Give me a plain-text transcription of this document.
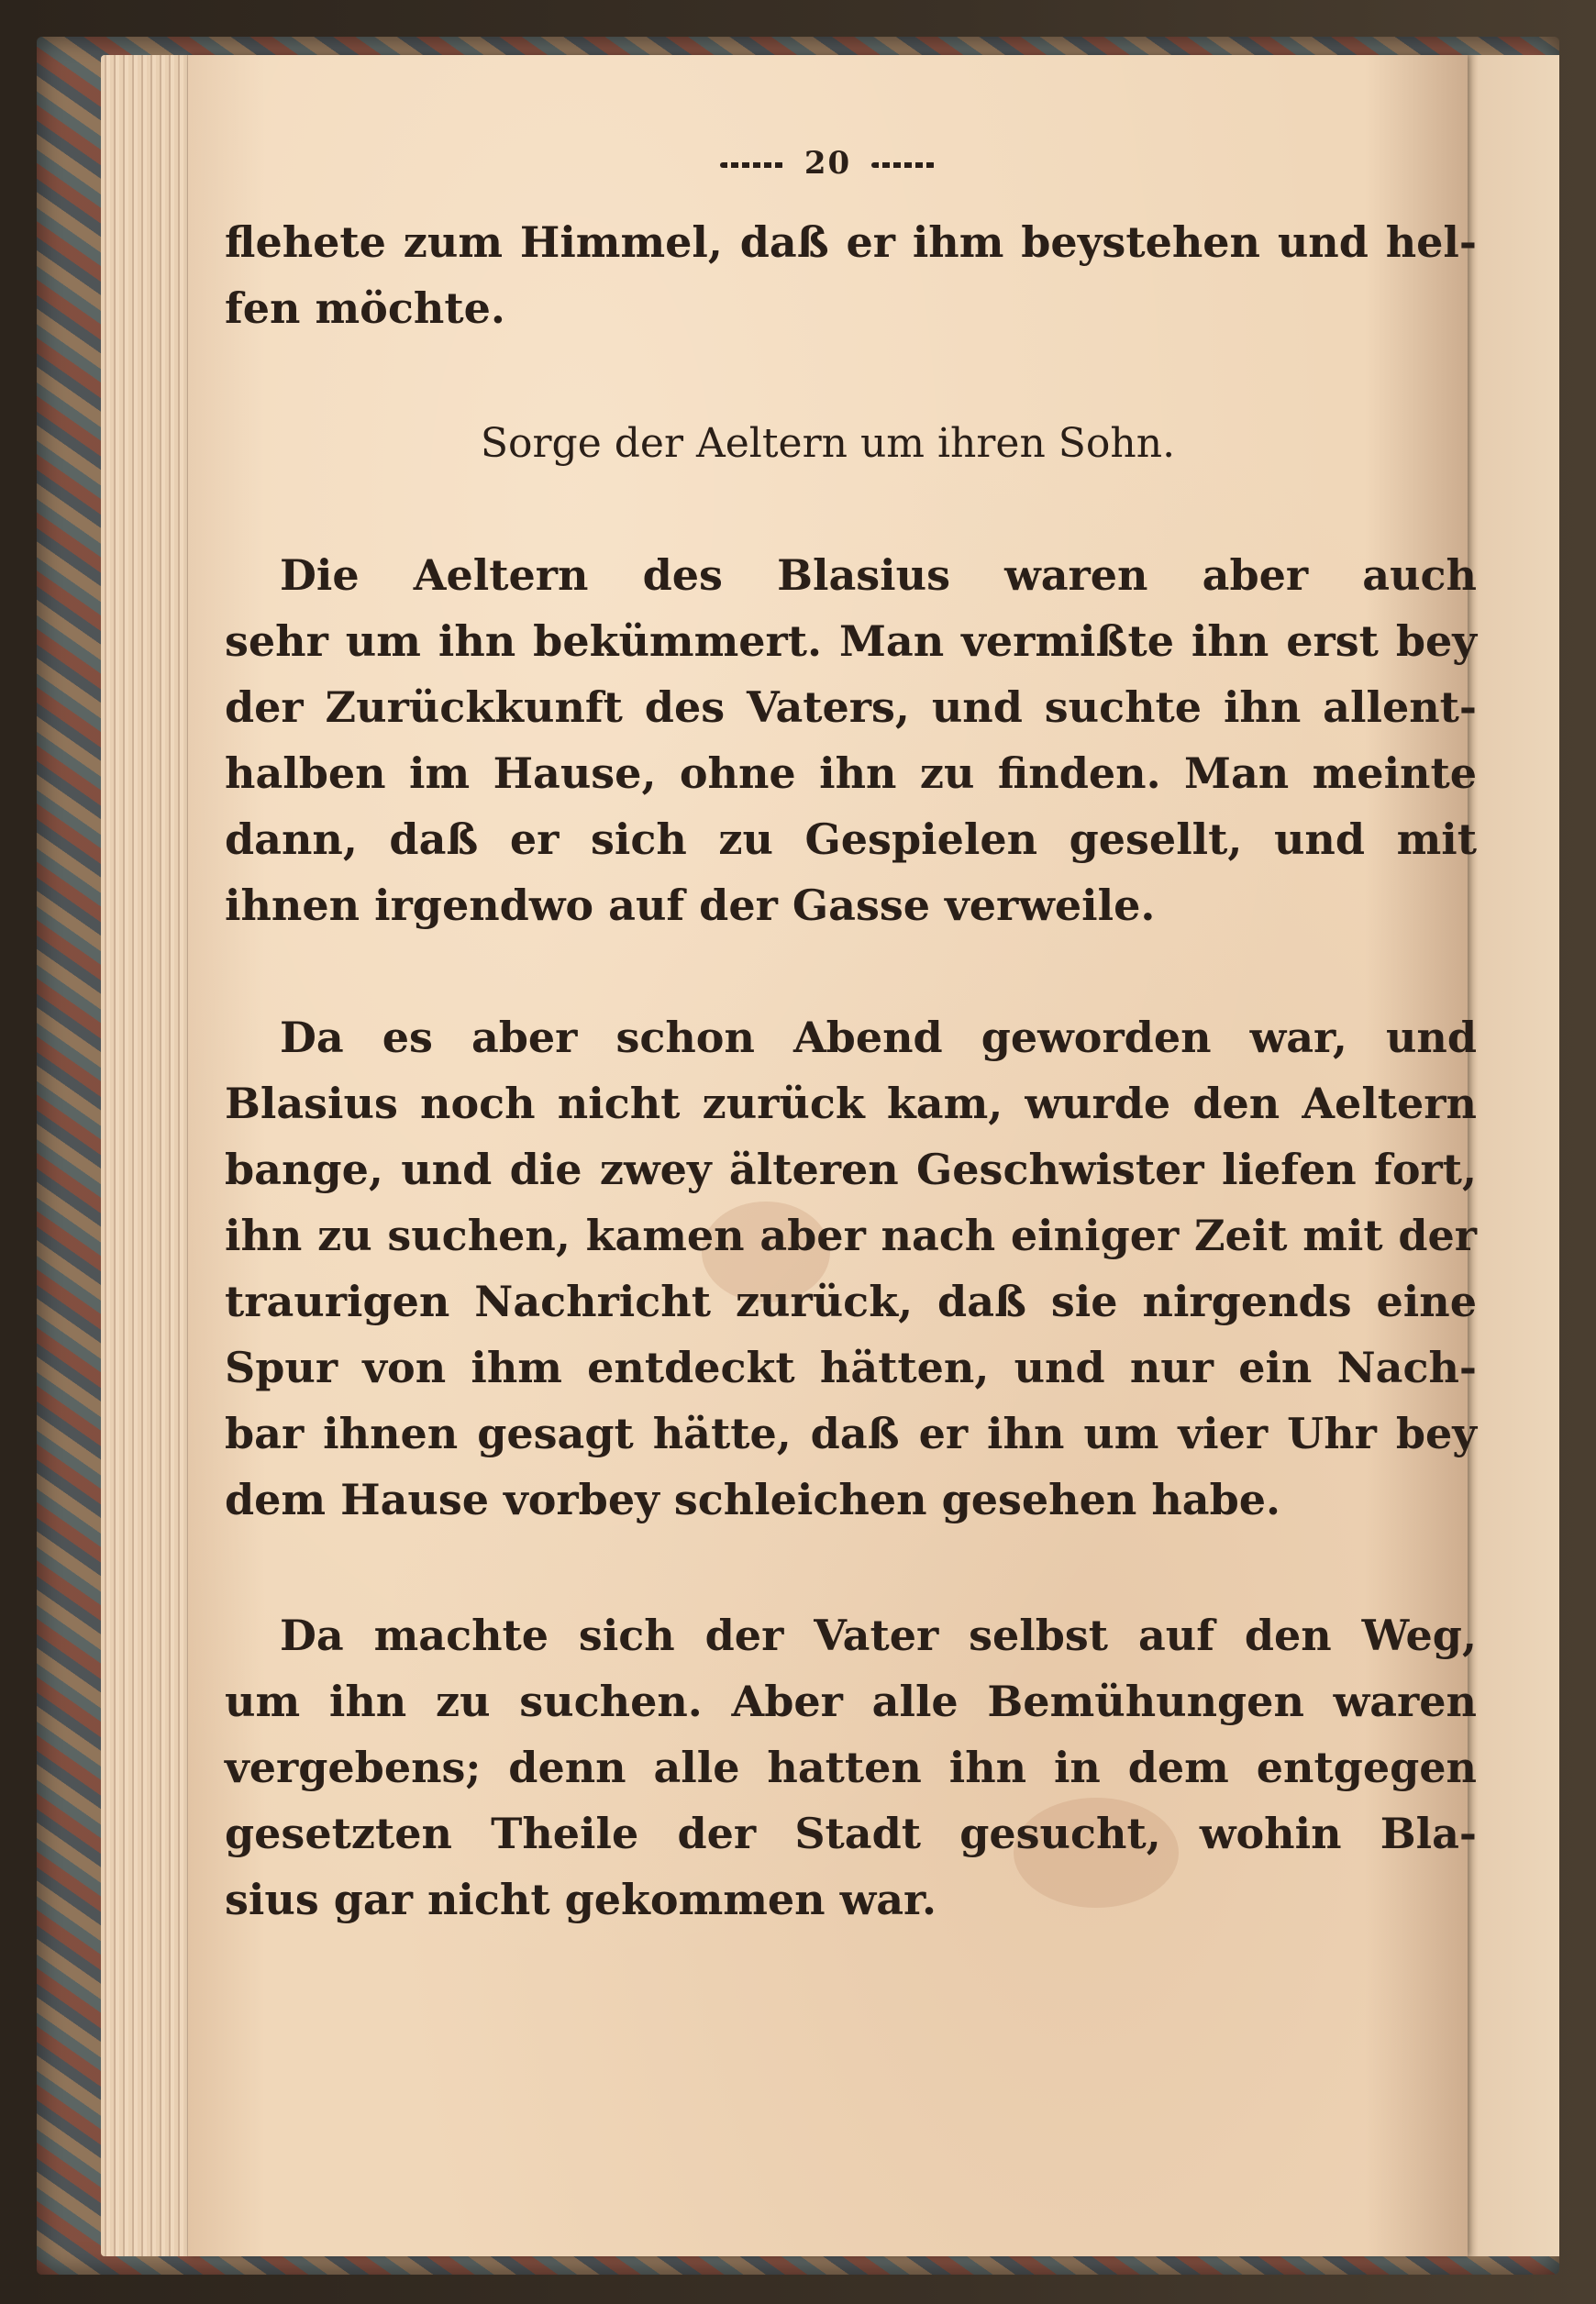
20
flehete zum Himmel, daß er ihm beystehen und hel-
fen möchte.
Sorge der Aeltern um ihren Sohn.
Die Aeltern des Blasius waren aber auch
sehr um ihn bekümmert. Man vermißte ihn erst bey
der Zurückkunft des Vaters, und suchte ihn allent-
halben im Hause, ohne ihn zu finden. Man meinte
dann, daß er sich zu Gespielen gesellt, und mit
ihnen irgendwo auf der Gasse verweile.
Da es aber schon Abend geworden war, und
Blasius noch nicht zurück kam, wurde den Aeltern
bange, und die zwey älteren Geschwister liefen fort,
ihn zu suchen, kamen aber nach einiger Zeit mit der
traurigen Nachricht zurück, daß sie nirgends eine
Spur von ihm entdeckt hätten, und nur ein Nach-
bar ihnen gesagt hätte, daß er ihn um vier Uhr bey
dem Hause vorbey schleichen gesehen habe.
Da machte sich der Vater selbst auf den Weg,
um ihn zu suchen. Aber alle Bemühungen waren
vergebens; denn alle hatten ihn in dem entgegen
gesetzten Theile der Stadt gesucht, wohin Bla-
sius gar nicht gekommen war.
